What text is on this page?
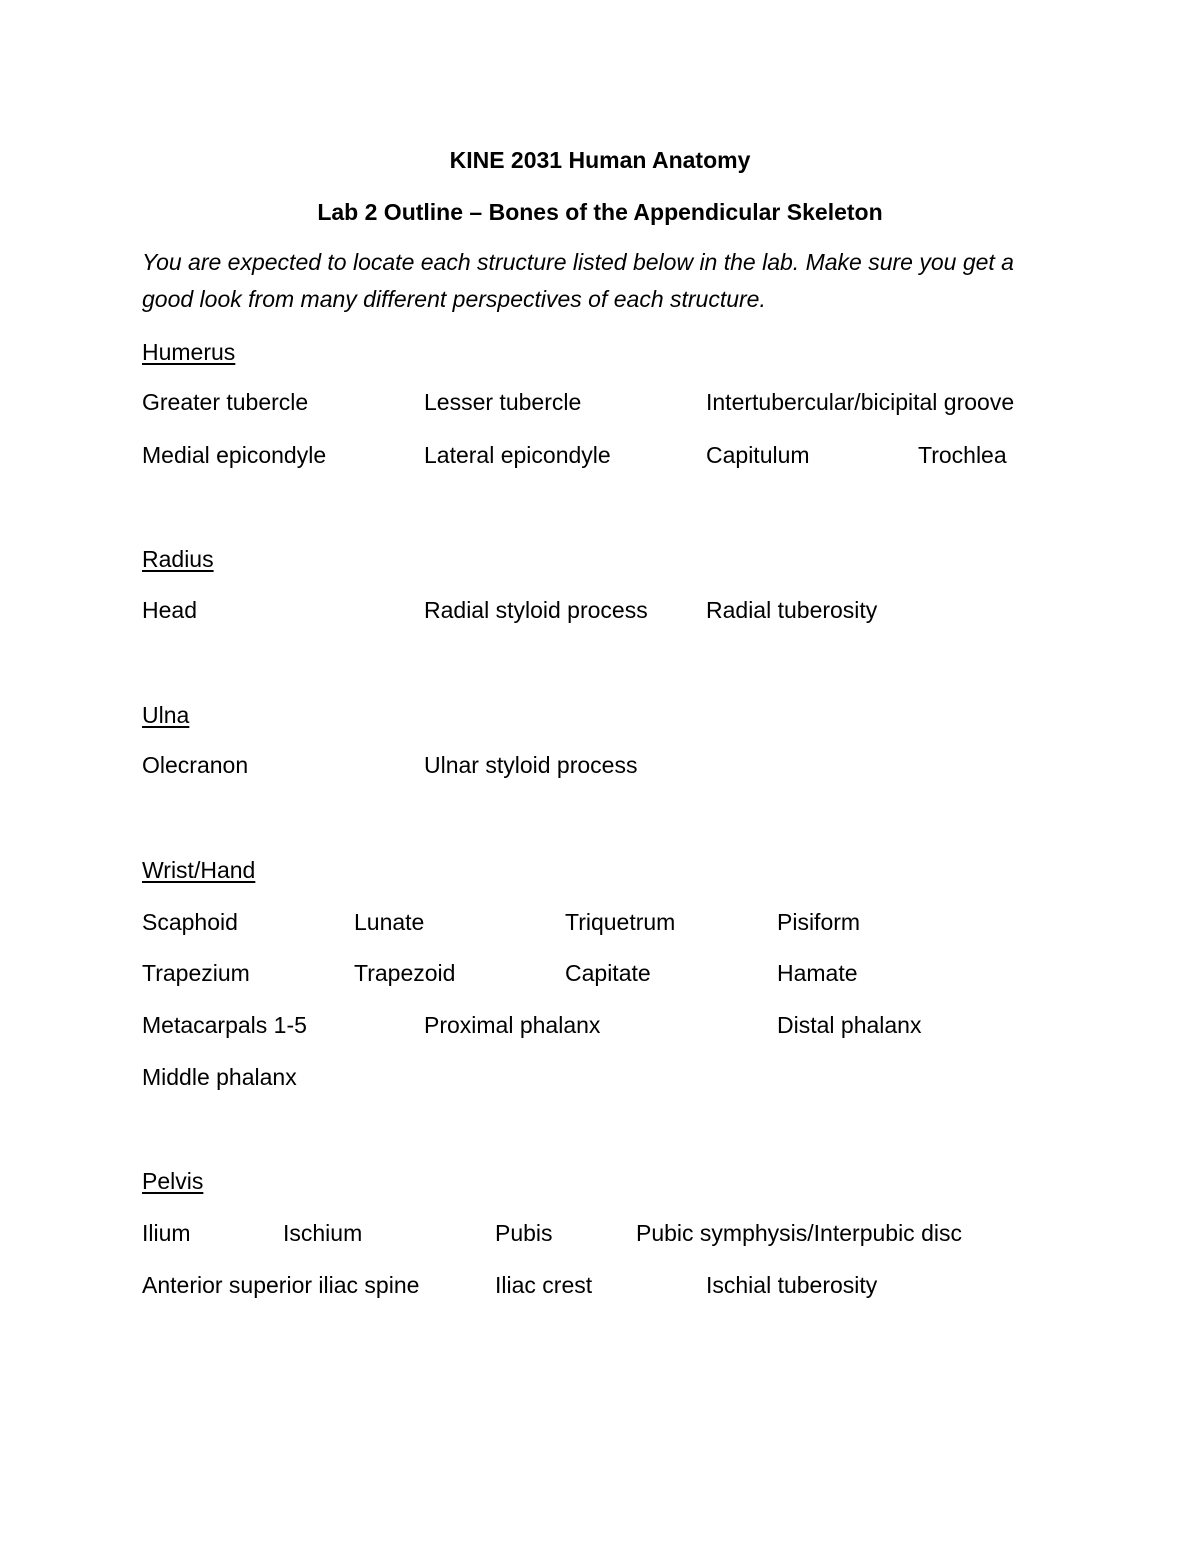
KINE 2031 Human Anatomy
Lab 2 Outline – Bones of the Appendicular Skeleton
You are expected to locate each structure listed below in the lab. Make sure you get a good look from many different perspectives of each structure.
Humerus
Greater tubercle	Lesser tubercle	Intertubercular/bicipital groove
Medial epicondyle	Lateral epicondyle	Capitulum	Trochlea
Radius
Head	Radial styloid process	Radial tuberosity
Ulna
Olecranon	Ulnar styloid process
Wrist/Hand
Scaphoid	Lunate	Triquetrum	Pisiform
Trapezium	Trapezoid	Capitate	Hamate
Metacarpals 1-5	Proximal phalanx	Distal phalanx
Middle phalanx
Pelvis
Ilium	Ischium	Pubis	Pubic symphysis/Interpubic disc
Anterior superior iliac spine	Iliac crest	Ischial tuberosity
